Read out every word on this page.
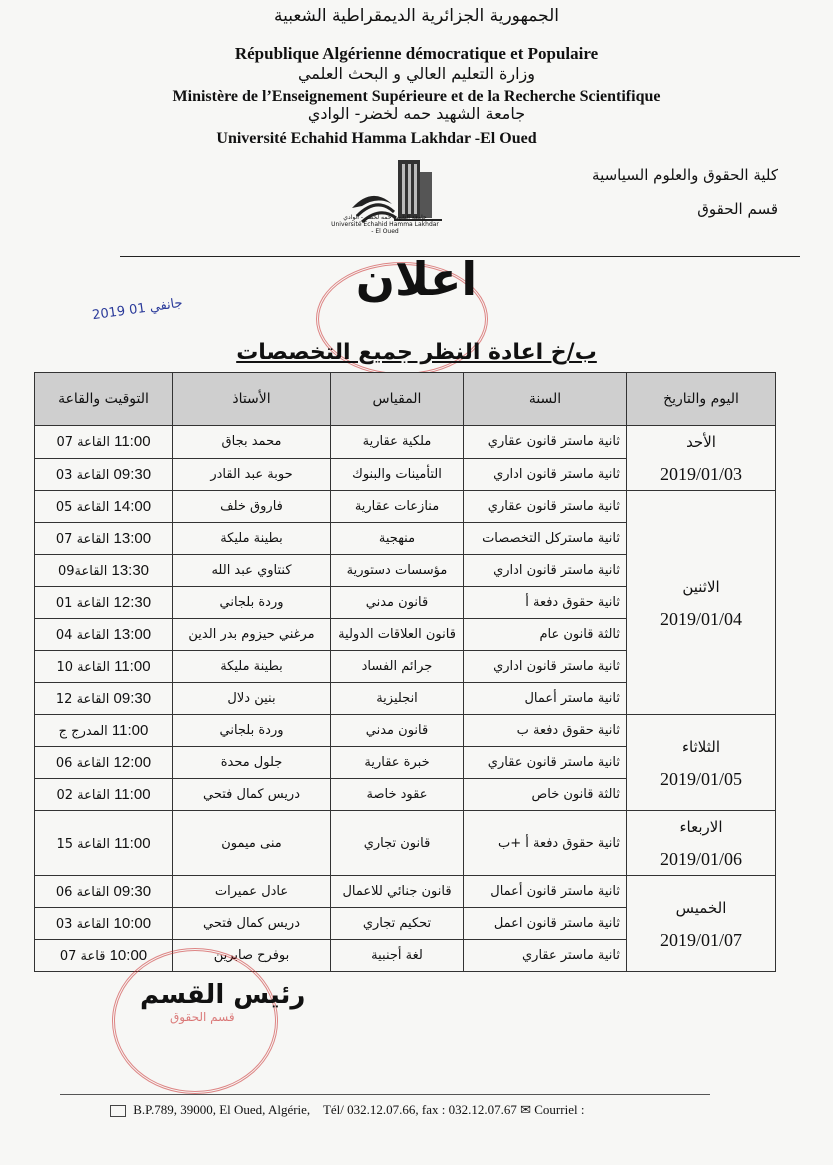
الجمهورية الجزائرية الديمقراطية الشعبية
République Algérienne démocratique et Populaire
وزارة التعليم العالي و البحث العلمي
Ministère de l’Enseignement Supérieure et de la Recherche Scientifique
جامعة الشهيد حمه لخضر- الوادي
Université Echahid Hamma Lakhdar -El Oued
جامعة الشهيد حمه لخضر - الوادي
Université Echahid Hamma Lakhdar - El Oued
كلية الحقوق والعلوم السياسية
قسم الحقوق
اعلان
2019 جانفي 01
ب/خ اعادة النظر جميع التخصصات
التوقيت والقاعة	الأستاذ	المقياس	السنة	اليوم والتاريخ
11:00 القاعة 07	محمد بجاق	ملكية عقارية	ثانية ماستر قانون عقاري	الأحد
2019/01/03

09:30 القاعة 03	حوبة عبد القادر	التأمينات والبنوك	ثانية ماستر قانون اداري	
14:00 القاعة 05	فاروق خلف	منازعات عقارية	ثانية ماستر قانون عقاري	الاثنين
2019/01/04

13:00 القاعة 07	بطينة مليكة	منهجية	ثانية ماستركل التخصصات	
13:30 القاعة09	كنتاوي عبد الله	مؤسسات دستورية	ثانية ماستر قانون اداري	
12:30 القاعة 01	وردة بلجاني	قانون مدني	ثانية حقوق دفعة أ	
13:00 القاعة 04	مرغني حيزوم بدر الدين	قانون العلاقات الدولية	ثالثة قانون عام	
11:00 القاعة 10	بطينة مليكة	جرائم الفساد	ثانية ماستر قانون اداري	
09:30 القاعة 12	بنين دلال	انجليزية	ثانية ماستر أعمال	
11:00 المدرج ج	وردة بلجاني	قانون مدني	ثانية حقوق دفعة ب	الثلاثاء
2019/01/05

12:00 القاعة 06	جلول محدة	خبرة عقارية	ثانية ماستر قانون عقاري	
11:00 القاعة 02	دريس كمال فتحي	عقود خاصة	ثالثة قانون خاص	
11:00 القاعة 15	منى ميمون	قانون تجاري	ثانية حقوق دفعة أ +ب	الاربعاء
2019/01/06

09:30 القاعة 06	عادل عميرات	قانون جنائي للاعمال	ثانية ماستر قانون أعمال	الخميس
2019/01/07

10:00 القاعة 03	دريس كمال فتحي	تحكيم تجاري	ثانية ماستر قانون اعمل	
10:00 قاعة 07	بوفرح صابرين	لغة أجنبية	ثانية ماستر عقاري	
قسم الحقوق
رئيس القسم
B.P.789, 39000, El Oued, Algérie, Tél/ 032.12.07.66, fax : 032.12.07.67 ✉ Courriel :
